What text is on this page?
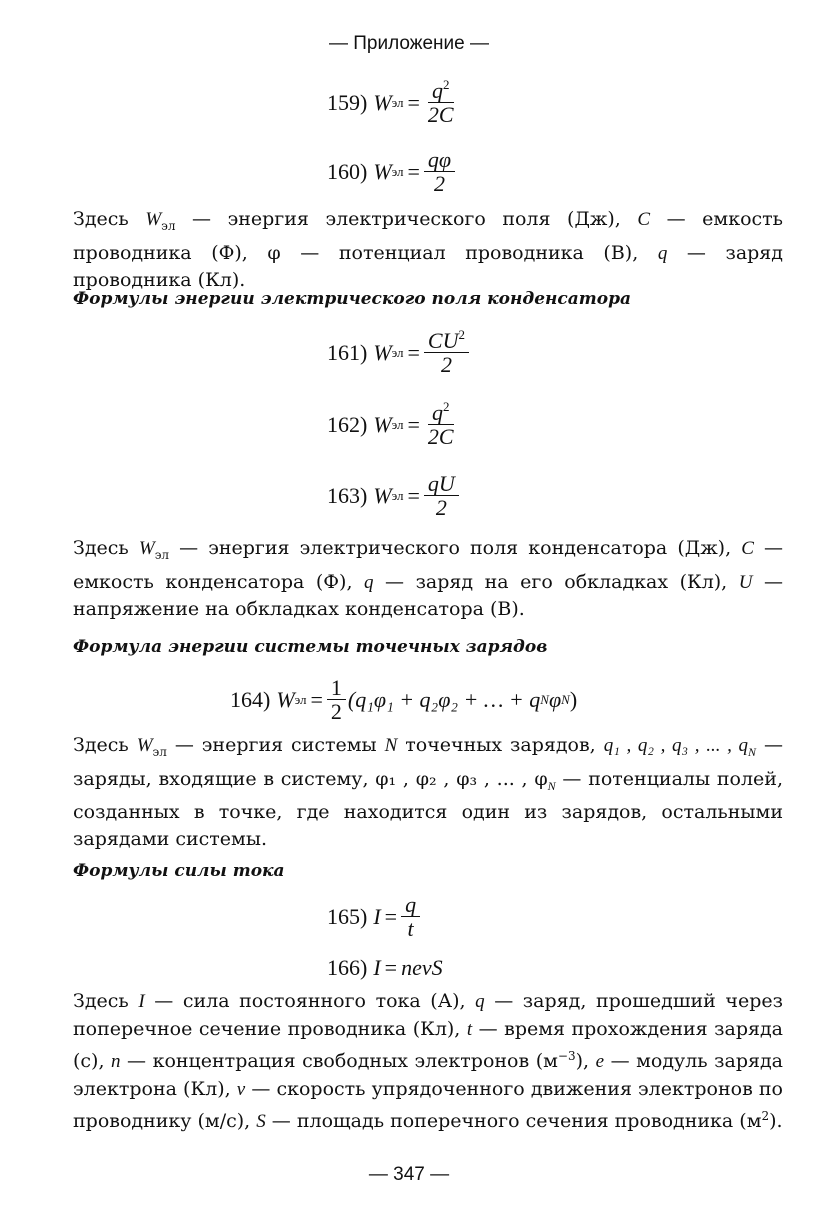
— Приложение —
159) W эл = $\frac{q^2}{2C}$
160) W эл = $\frac{q\varphi}{2}$
Здесь $W_{эл}$ — энергия электрического поля (Дж), C — емкость проводника (Ф), φ — потенциал проводника (В), q — заряд проводника (Кл).
Формулы энергии электрического поля конденсатора
161) W эл = $\frac{CU^2}{2}$
162) W эл = $\frac{q^2}{2C}$
163) W эл = $\frac{qU}{2}$
Здесь $W_{эл}$ — энергия электрического поля конденсатора (Дж), C — емкость конденсатора (Ф), q — заряд на его обкладках (Кл), U — напряжение на обкладках конденсатора (В).
Формула энергии системы точечных зарядов
164) W эл = $\frac{1}{2} (q_1\varphi_1 + q_2\varphi_2$ + … + q N φ N )
Здесь $W_{эл}$ — энергия системы N точечных зарядов, q₁ , q₂ , q₃ , ... , $q_N$ — заряды, входящие в систему, φ₁ , φ₂ , φ₃ , ... , $\varphi_N$ — потенциалы полей, созданных в точке, где находится один из зарядов, остальными зарядами системы.
Формулы силы тока
165) $I = \frac{q}{t}$
166) I = nevS
Здесь I — сила постоянного тока (А), q — заряд, прошедший через поперечное сечение проводника (Кл), t — время прохождения заряда (с), n — концентрация свободных электронов $(м^{-3})$, e — модуль заряда электрона (Кл), v — скорость упрядоченного движения электронов по проводнику (м/с), S — площадь поперечного сечения проводника $(м^2)$.
— 347 —
